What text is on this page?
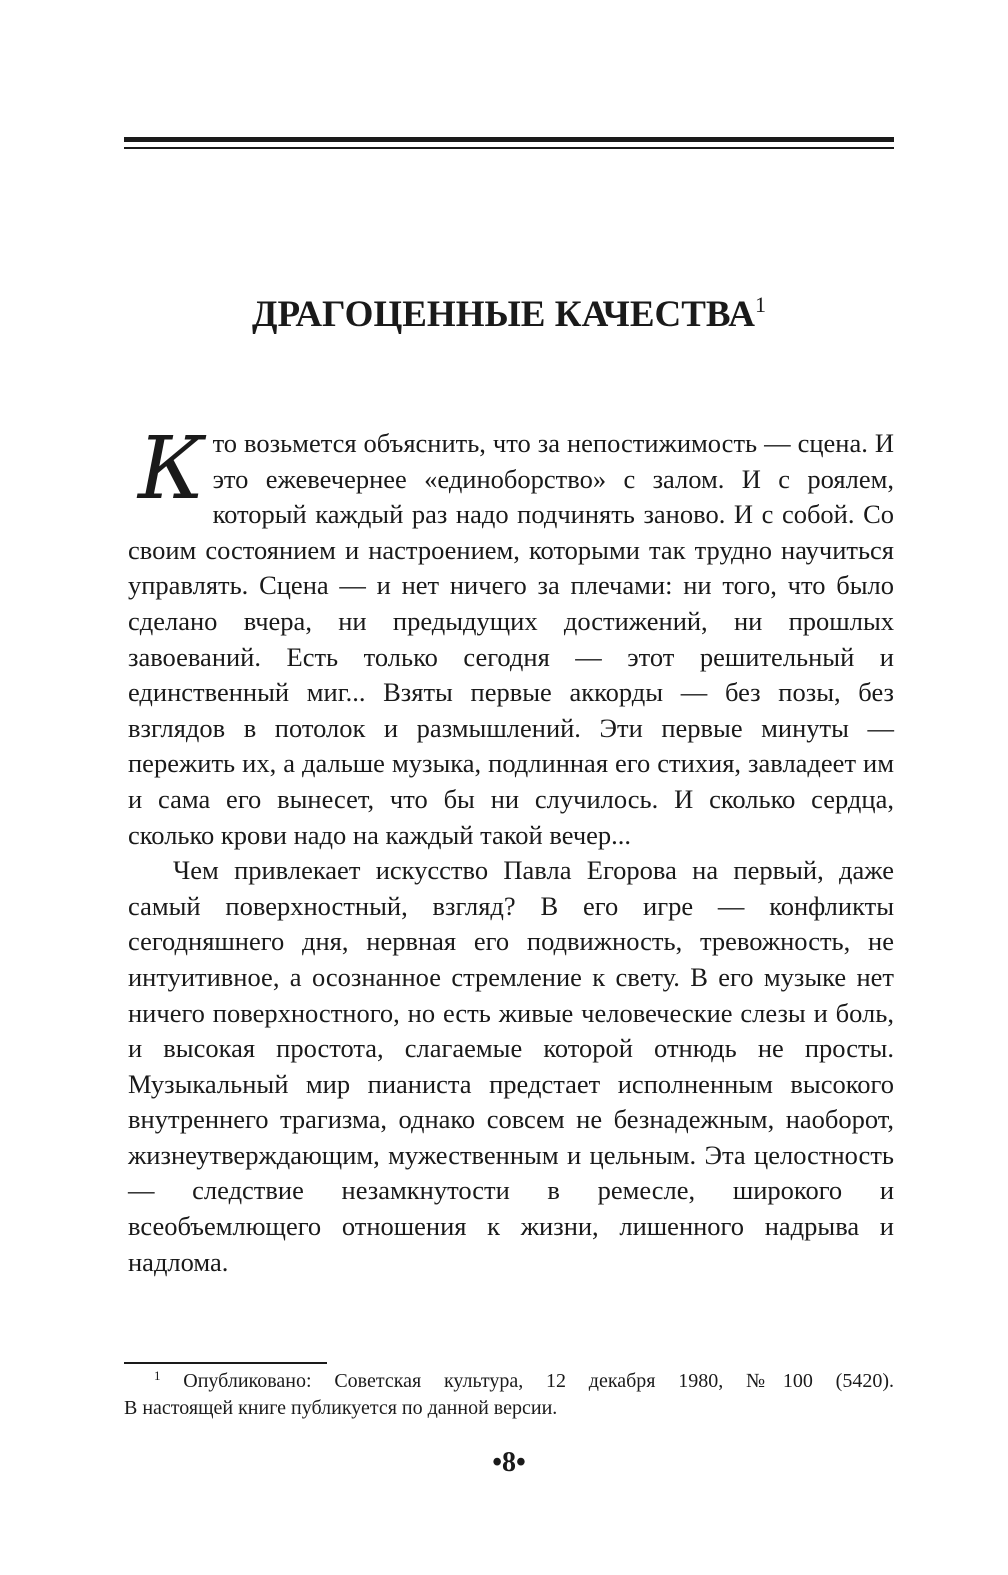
ДРАГОЦЕННЫЕ КАЧЕСТВА$^1$

Кто возьмется объяснить, что за непостижимость — сцена. И это ежевечернее «единоборство» с залом. И с роялем, который каждый раз надо подчинять заново. И с собой. Со своим состоянием и настроением, которыми так трудно научиться управлять. Сцена — и нет ничего за плечами: ни того, что было сделано вчера, ни предыдущих достижений, ни прошлых завоеваний. Есть только сегодня — этот решительный и единственный миг... Взяты первые аккорды — без позы, без взглядов в потолок и размышлений. Эти первые минуты — пережить их, а дальше музыка, подлинная его стихия, завладеет им и сама его вынесет, что бы ни случилось. И сколько сердца, сколько крови надо на каждый такой вечер...

Чем привлекает искусство Павла Егорова на первый, даже самый поверхностный, взгляд? В его игре — конфликты сегодняшнего дня, нервная его подвижность, тревожность, не интуитивное, а осознанное стремление к свету. В его музыке нет ничего поверхностного, но есть живые человеческие слезы и боль, и высокая простота, слагаемые которой отнюдь не просты. Музыкальный мир пианиста предстает исполненным высокого внутреннего трагизма, однако совсем не безнадежным, наоборот, жизнеутверждающим, мужественным и цельным. Эта целостность — следствие незамкнутости в ремесле, широкого и всеобъемлющего отношения к жизни, лишенного надрыва и надлома.

$^1$ Опубликовано: Советская культура, 12 декабря 1980, №100 (5420).
В настоящей книге публикуется по данной версии.
•8•
